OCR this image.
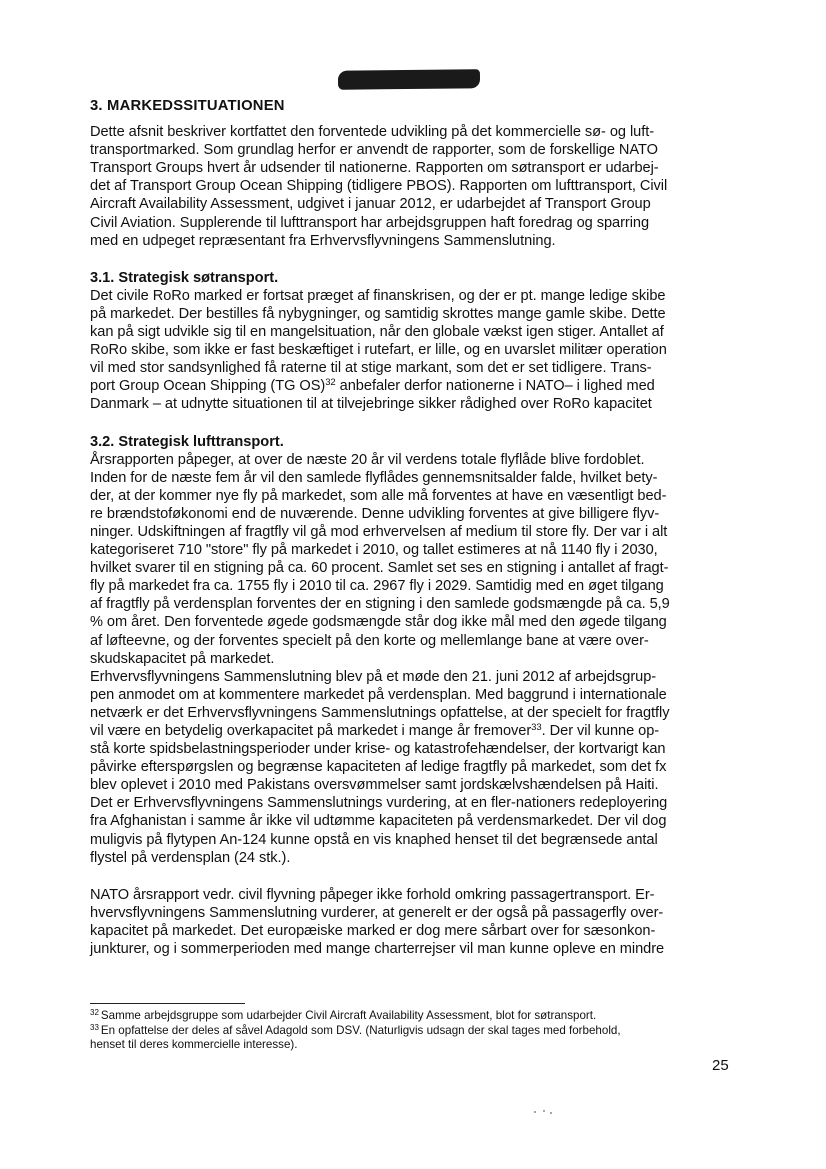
3. MARKEDSSITUATIONEN

Dette afsnit beskriver kortfattet den forventede udvikling på det kommercielle sø- og luft-
transportmarked. Som grundlag herfor er anvendt de rapporter, som de forskellige NATO
Transport Groups hvert år udsender til nationerne. Rapporten om søtransport er udarbej-
det af Transport Group Ocean Shipping (tidligere PBOS). Rapporten om lufttransport, Civil
Aircraft Availability Assessment, udgivet i januar 2012, er udarbejdet af Transport Group
Civil Aviation. Supplerende til lufttransport har arbejdsgruppen haft foredrag og sparring
med en udpeget repræsentant fra Erhvervsflyvningens Sammenslutning.

3.1. Strategisk søtransport.

Det civile RoRo marked er fortsat præget af finanskrisen, og der er pt. mange ledige skibe
på markedet. Der bestilles få nybygninger, og samtidig skrottes mange gamle skibe. Dette
kan på sigt udvikle sig til en mangelsituation, når den globale vækst igen stiger. Antallet af
RoRo skibe, som ikke er fast beskæftiget i rutefart, er lille, og en uvarslet militær operation
vil med stor sandsynlighed få raterne til at stige markant, som det er set tidligere. Trans-
port Group Ocean Shipping (TG OS)$^{32}$ anbefaler derfor nationerne i NATO– i lighed med
Danmark – at udnytte situationen til at tilvejebringe sikker rådighed over RoRo kapacitet

3.2. Strategisk lufttransport.

Årsrapporten påpeger, at over de næste 20 år vil verdens totale flyflåde blive fordoblet.
Inden for de næste fem år vil den samlede flyflådes gennemsnitsalder falde, hvilket bety-
der, at der kommer nye fly på markedet, som alle må forventes at have en væsentligt bed-
re brændstoføkonomi end de nuværende. Denne udvikling forventes at give billigere flyv-
ninger. Udskiftningen af fragtfly vil gå mod erhvervelsen af medium til store fly. Der var i alt
kategoriseret 710 "store" fly på markedet i 2010, og tallet estimeres at nå 1140 fly i 2030,
hvilket svarer til en stigning på ca. 60 procent. Samlet set ses en stigning i antallet af fragt-
fly på markedet fra ca. 1755 fly i 2010 til ca. 2967 fly i 2029. Samtidig med en øget tilgang
af fragtfly på verdensplan forventes der en stigning i den samlede godsmængde på ca. 5,9
% om året. Den forventede øgede godsmængde står dog ikke mål med den øgede tilgang
af løfteevne, og der forventes specielt på den korte og mellemlange bane at være over-
skudskapacitet på markedet.

Erhvervsflyvningens Sammenslutning blev på et møde den 21. juni 2012 af arbejdsgrup-
pen anmodet om at kommentere markedet på verdensplan. Med baggrund i internationale
netværk er det Erhvervsflyvningens Sammenslutnings opfattelse, at der specielt for fragtfly
vil være en betydelig overkapacitet på markedet i mange år fremover$^{33}$. Der vil kunne op-
stå korte spidsbelastningsperioder under krise- og katastrofehændelser, der kortvarigt kan
påvirke efterspørgslen og begrænse kapaciteten af ledige fragtfly på markedet, som det fx
blev oplevet i 2010 med Pakistans oversvømmelser samt jordskælvshændelsen på Haiti.

Det er Erhvervsflyvningens Sammenslutnings vurdering, at en fler-nationers redeployering
fra Afghanistan i samme år ikke vil udtømme kapaciteten på verdensmarkedet. Der vil dog
muligvis på flytypen An-124 kunne opstå en vis knaphed henset til det begrænsede antal
flystel på verdensplan (24 stk.).

NATO årsrapport vedr. civil flyvning påpeger ikke forhold omkring passagertransport. Er-
hvervsflyvningens Sammenslutning vurderer, at generelt er der også på passagerfly over-
kapacitet på markedet. Det europæiske marked er dog mere sårbart over for sæsonkon-
junkturer, og i sommerperioden med mange charterrejser vil man kunne opleve en mindre

$^{32}$ Samme arbejdsgruppe som udarbejder Civil Aircraft Availability Assessment, blot for søtransport.

$^{33}$ En opfattelse der deles af såvel Adagold som DSV. (Naturligvis udsagn der skal tages med forbehold,
henset til deres kommercielle interesse).

25
